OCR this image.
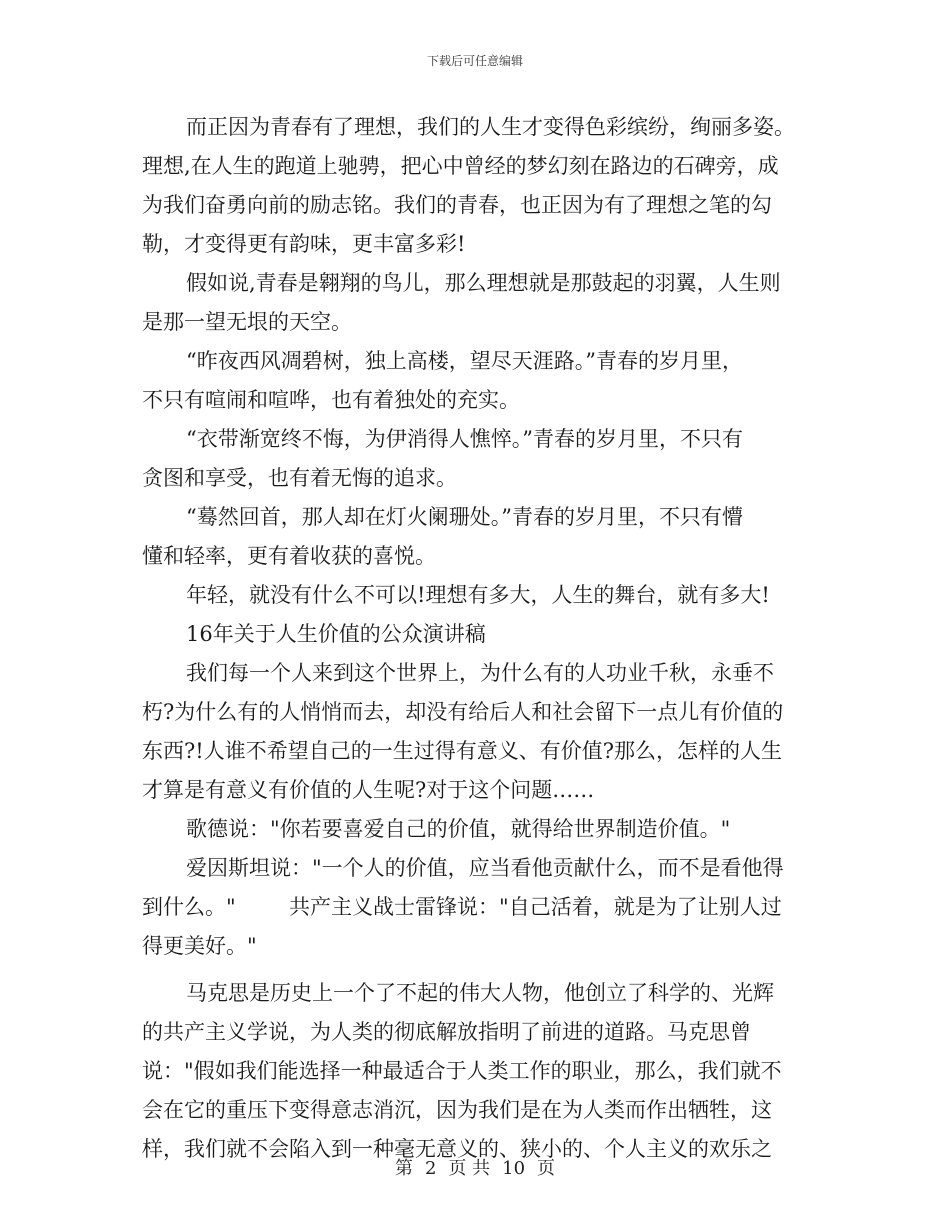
下载后可任意编辑
而正因为青春有了理想，我们的人生才变得色彩缤纷，绚丽多姿。
理想,在人生的跑道上驰骋，把心中曾经的梦幻刻在路边的石碑旁，成
为我们奋勇向前的励志铭。我们的青春，也正因为有了理想之笔的勾
勒，才变得更有韵味，更丰富多彩!
假如说,青春是翱翔的鸟儿，那么理想就是那鼓起的羽翼，人生则
是那一望无垠的天空。
“昨夜西风凋碧树，独上高楼，望尽天涯路。”青春的岁月里，
不只有喧闹和喧哗，也有着独处的充实。
“衣带渐宽终不悔，为伊消得人憔悴。”青春的岁月里，不只有
贪图和享受，也有着无悔的追求。
“蓦然回首，那人却在灯火阑珊处。”青春的岁月里，不只有懵
懂和轻率，更有着收获的喜悦。
年轻，就没有什么不可以!理想有多大，人生的舞台，就有多大!
16年关于人生价值的公众演讲稿
我们每一个人来到这个世界上，为什么有的人功业千秋，永垂不
朽?为什么有的人悄悄而去，却没有给后人和社会留下一点儿有价值的
东西?!人谁不希望自己的一生过得有意义、有价值?那么，怎样的人生
才算是有意义有价值的人生呢?对于这个问题……
歌德说："你若要喜爱自己的价值，就得给世界制造价值。"
爱因斯坦说："一个人的价值，应当看他贡献什么，而不是看他得
到什么。"        共产主义战士雷锋说："自己活着，就是为了让别人过
得更美好。"
马克思是历史上一个了不起的伟大人物，他创立了科学的、光辉
的共产主义学说，为人类的彻底解放指明了前进的道路。马克思曾
说："假如我们能选择一种最适合于人类工作的职业，那么，我们就不
会在它的重压下变得意志消沉，因为我们是在为人类而作出牺牲，这
样，我们就不会陷入到一种毫无意义的、狭小的、个人主义的欢乐之
第 2 页 共 10 页
